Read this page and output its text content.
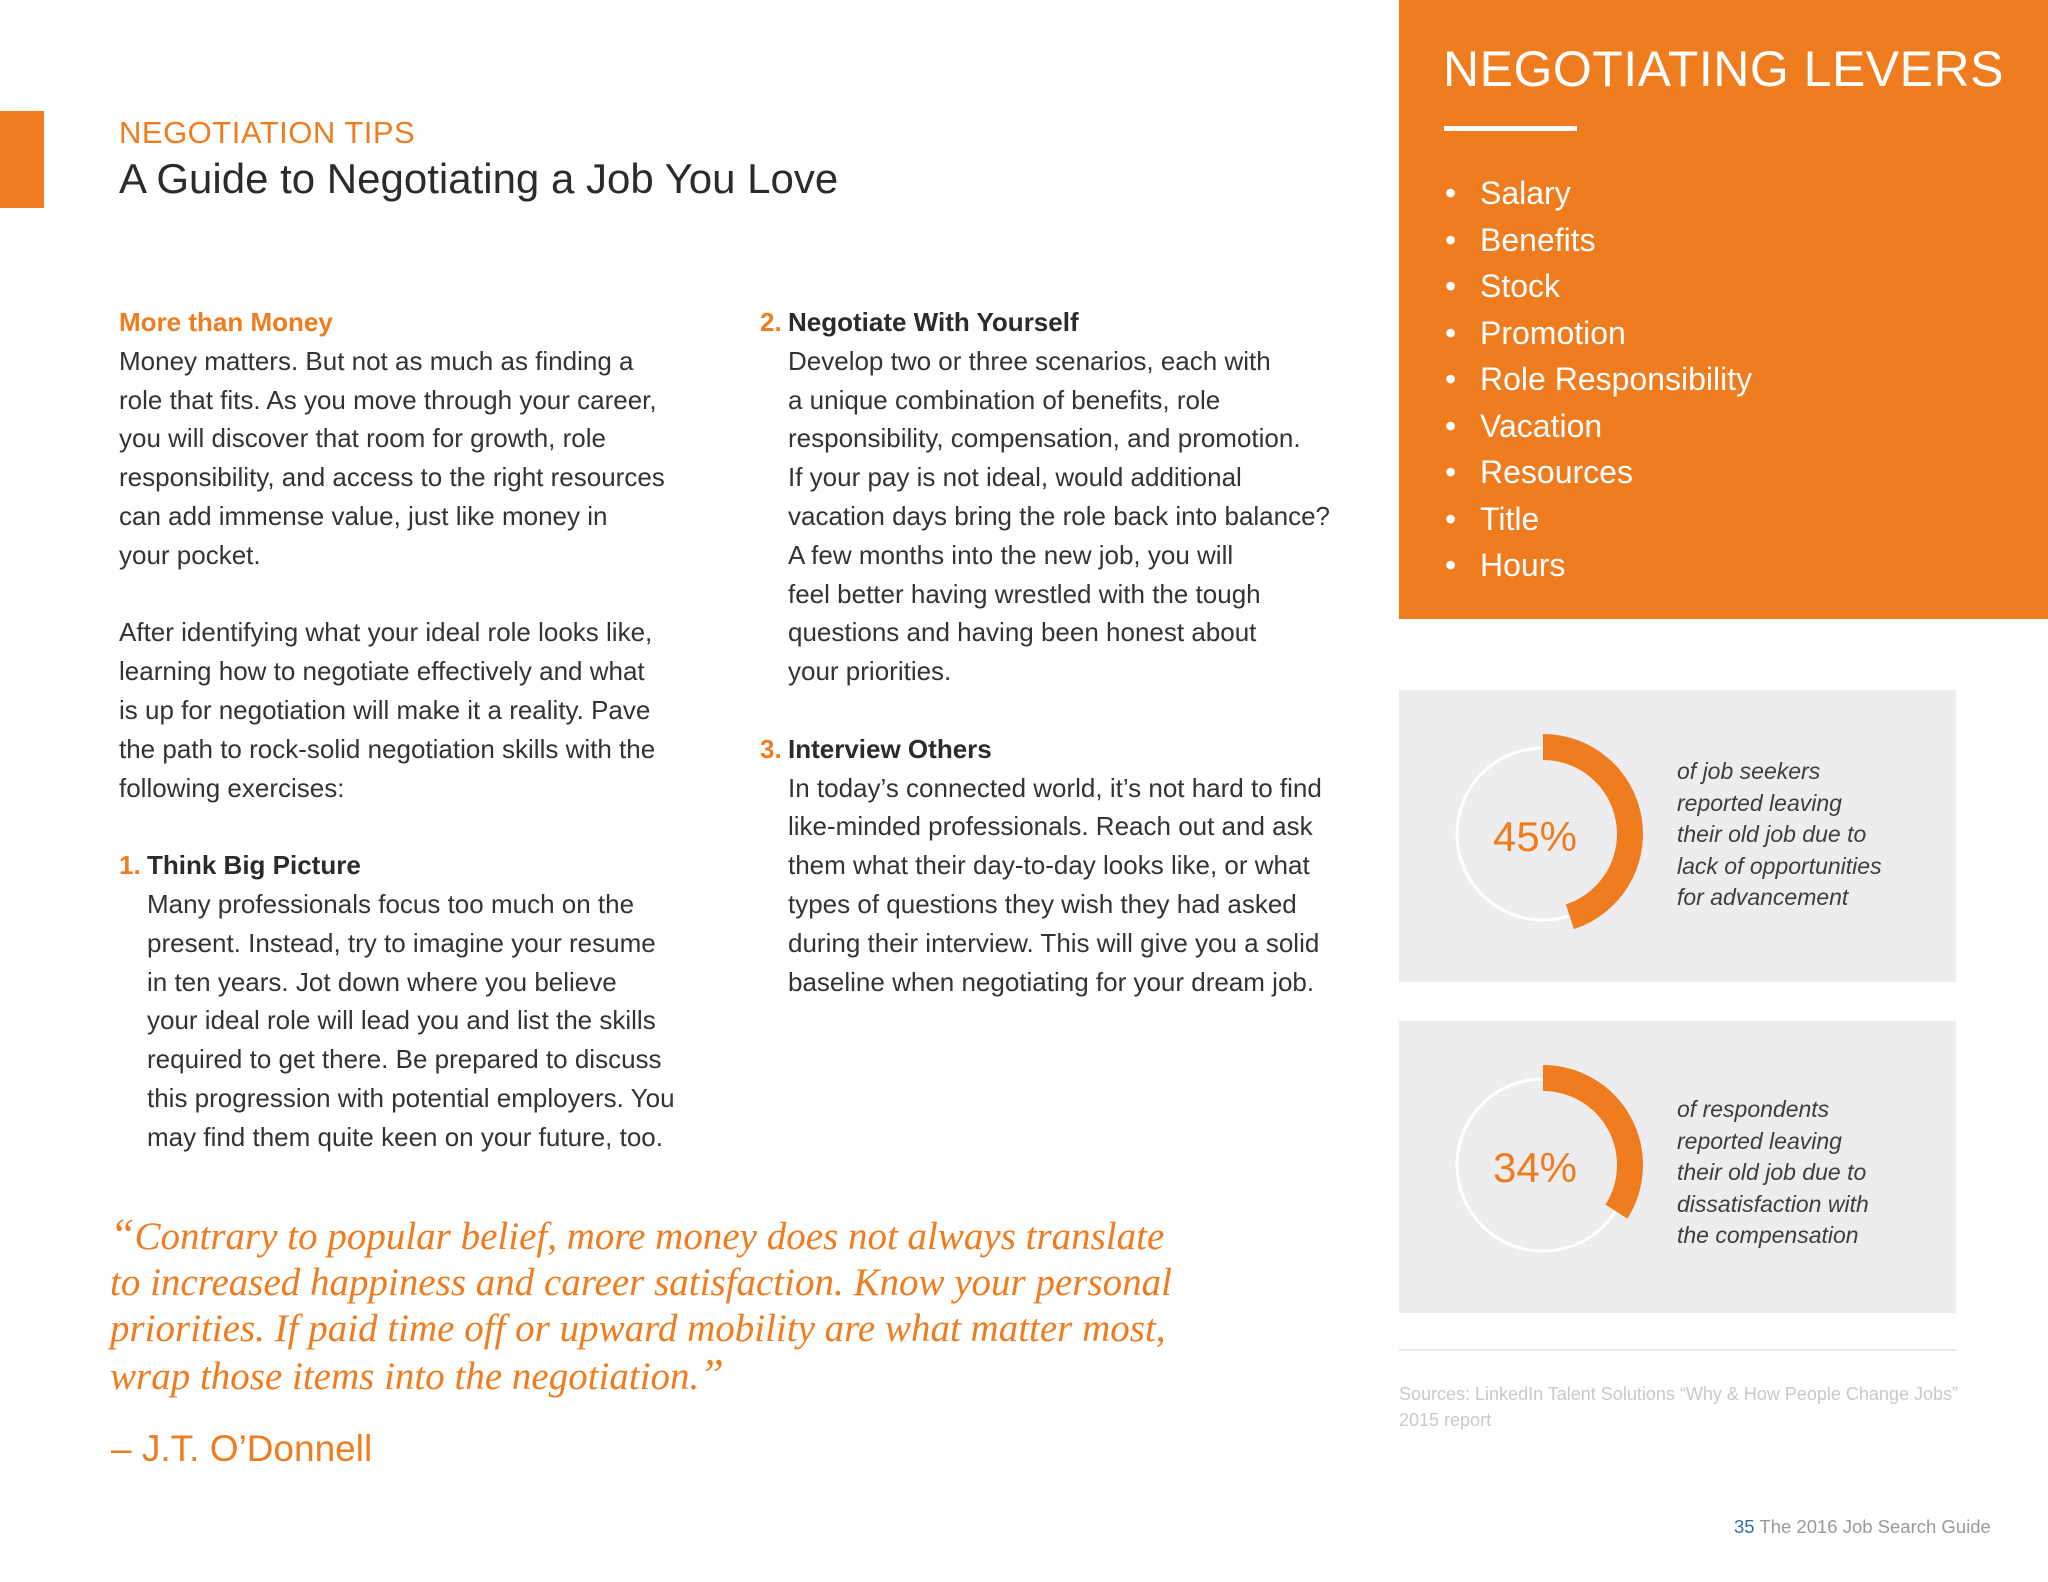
NEGOTIATION TIPS
A Guide to Negotiating a Job You Love

More than Money

Money matters. But not as much as finding a

role that fits. As you move through your career,

you will discover that room for growth, role

responsibility, and access to the right resources

can add immense value, just like money in

your pocket.

After identifying what your ideal role looks like,

learning how to negotiate effectively and what

is up for negotiation will make it a reality. Pave

the path to rock-solid negotiation skills with the

following exercises:

1. Think Big Picture

Many professionals focus too much on the

present. Instead, try to imagine your resume

in ten years. Jot down where you believe

your ideal role will lead you and list the skills

required to get there. Be prepared to discuss

this progression with potential employers. You

may find them quite keen on your future, too.

2. Negotiate With Yourself

Develop two or three scenarios, each with

a unique combination of benefits, role

responsibility, compensation, and promotion.

If your pay is not ideal, would additional

vacation days bring the role back into balance?

A few months into the new job, you will

feel better having wrestled with the tough

questions and having been honest about

your priorities.

3. Interview Others

In today’s connected world, it’s not hard to find

like-minded professionals. Reach out and ask

them what their day-to-day looks like, or what

types of questions they wish they had asked

during their interview. This will give you a solid

baseline when negotiating for your dream job.

“Contrary to popular belief, more money does not always translate
to increased happiness and career satisfaction. Know your personal
priorities. If paid time off or upward mobility are what matter most,
wrap those items into the negotiation.”
– J.T. O’Donnell
NEGOTIATING LEVERS
• Salary
• Benefits
• Stock
• Promotion
• Role Responsibility
• Vacation
• Resources
• Title
• Hours
45%
of job seekers
reported leaving
their old job due to
lack of opportunities
for advancement
34%
of respondents
reported leaving
their old job due to
dissatisfaction with
the compensation
Sources: LinkedIn Talent Solutions “Why & How People Change Jobs” 2015 report
35 The 2016 Job Search Guide
